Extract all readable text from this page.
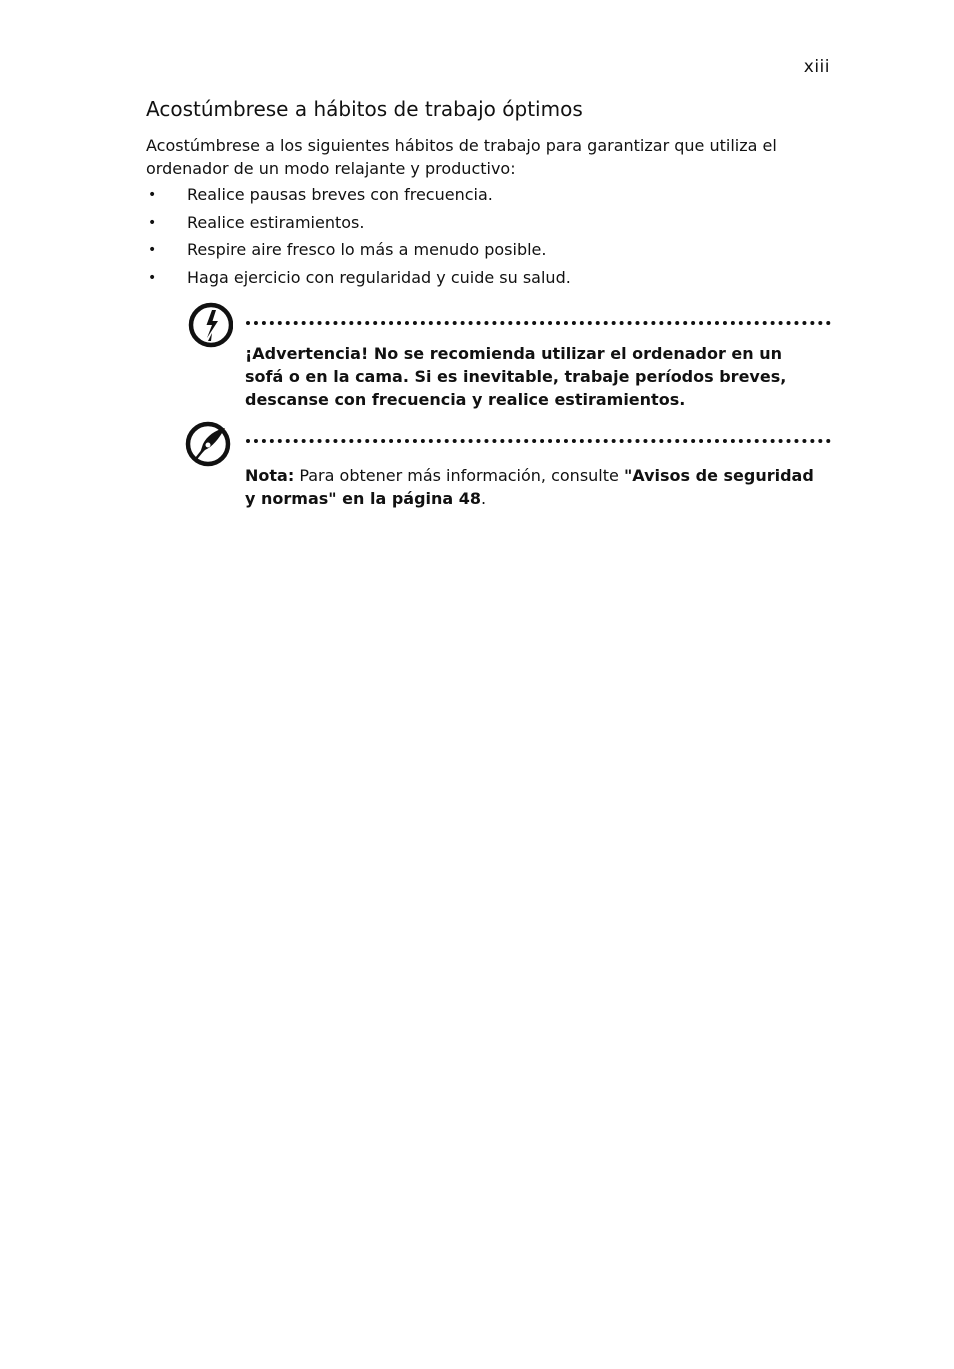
xiii
Acostúmbrese a hábitos de trabajo óptimos

Acostúmbrese a los siguientes hábitos de trabajo para garantizar que utiliza el ordenador de un modo relajante y productivo:

• Realice pausas breves con frecuencia.
• Realice estiramientos.
• Respire aire fresco lo más a menudo posible.
• Haga ejercicio con regularidad y cuide su salud.

¡Advertencia! No se recomienda utilizar el ordenador en un sofá o en la cama. Si es inevitable, trabaje períodos breves, descanse con frecuencia y realice estiramientos.

Nota: Para obtener más información, consulte "Avisos de seguridad y normas" en la página 48.
